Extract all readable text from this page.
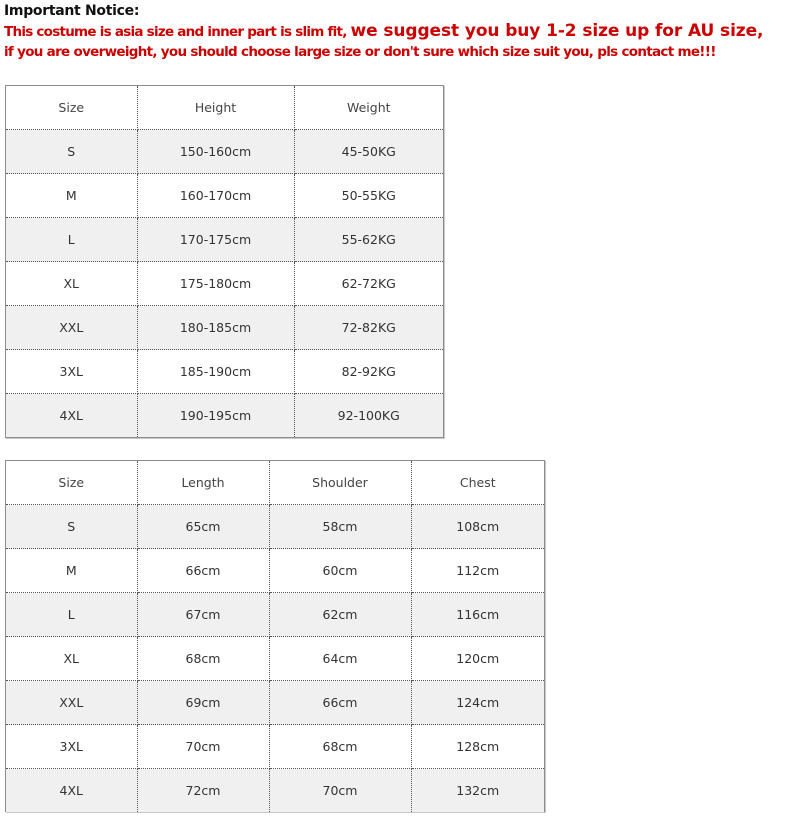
Important Notice:
This costume is asia size and inner part is slim fit, we suggest you buy 1-2 size up for AU size,
if you are overweight, you should choose large size or don't sure which size suit you, pls contact me!!!
Size	Height	Weight
S	150-160cm	45-50KG
M	160-170cm	50-55KG
L	170-175cm	55-62KG
XL	175-180cm	62-72KG
XXL	180-185cm	72-82KG
3XL	185-190cm	82-92KG
4XL	190-195cm	92-100KG
Size	Length	Shoulder	Chest
S	65cm	58cm	108cm
M	66cm	60cm	112cm
L	67cm	62cm	116cm
XL	68cm	64cm	120cm
XXL	69cm	66cm	124cm
3XL	70cm	68cm	128cm
4XL	72cm	70cm	132cm
